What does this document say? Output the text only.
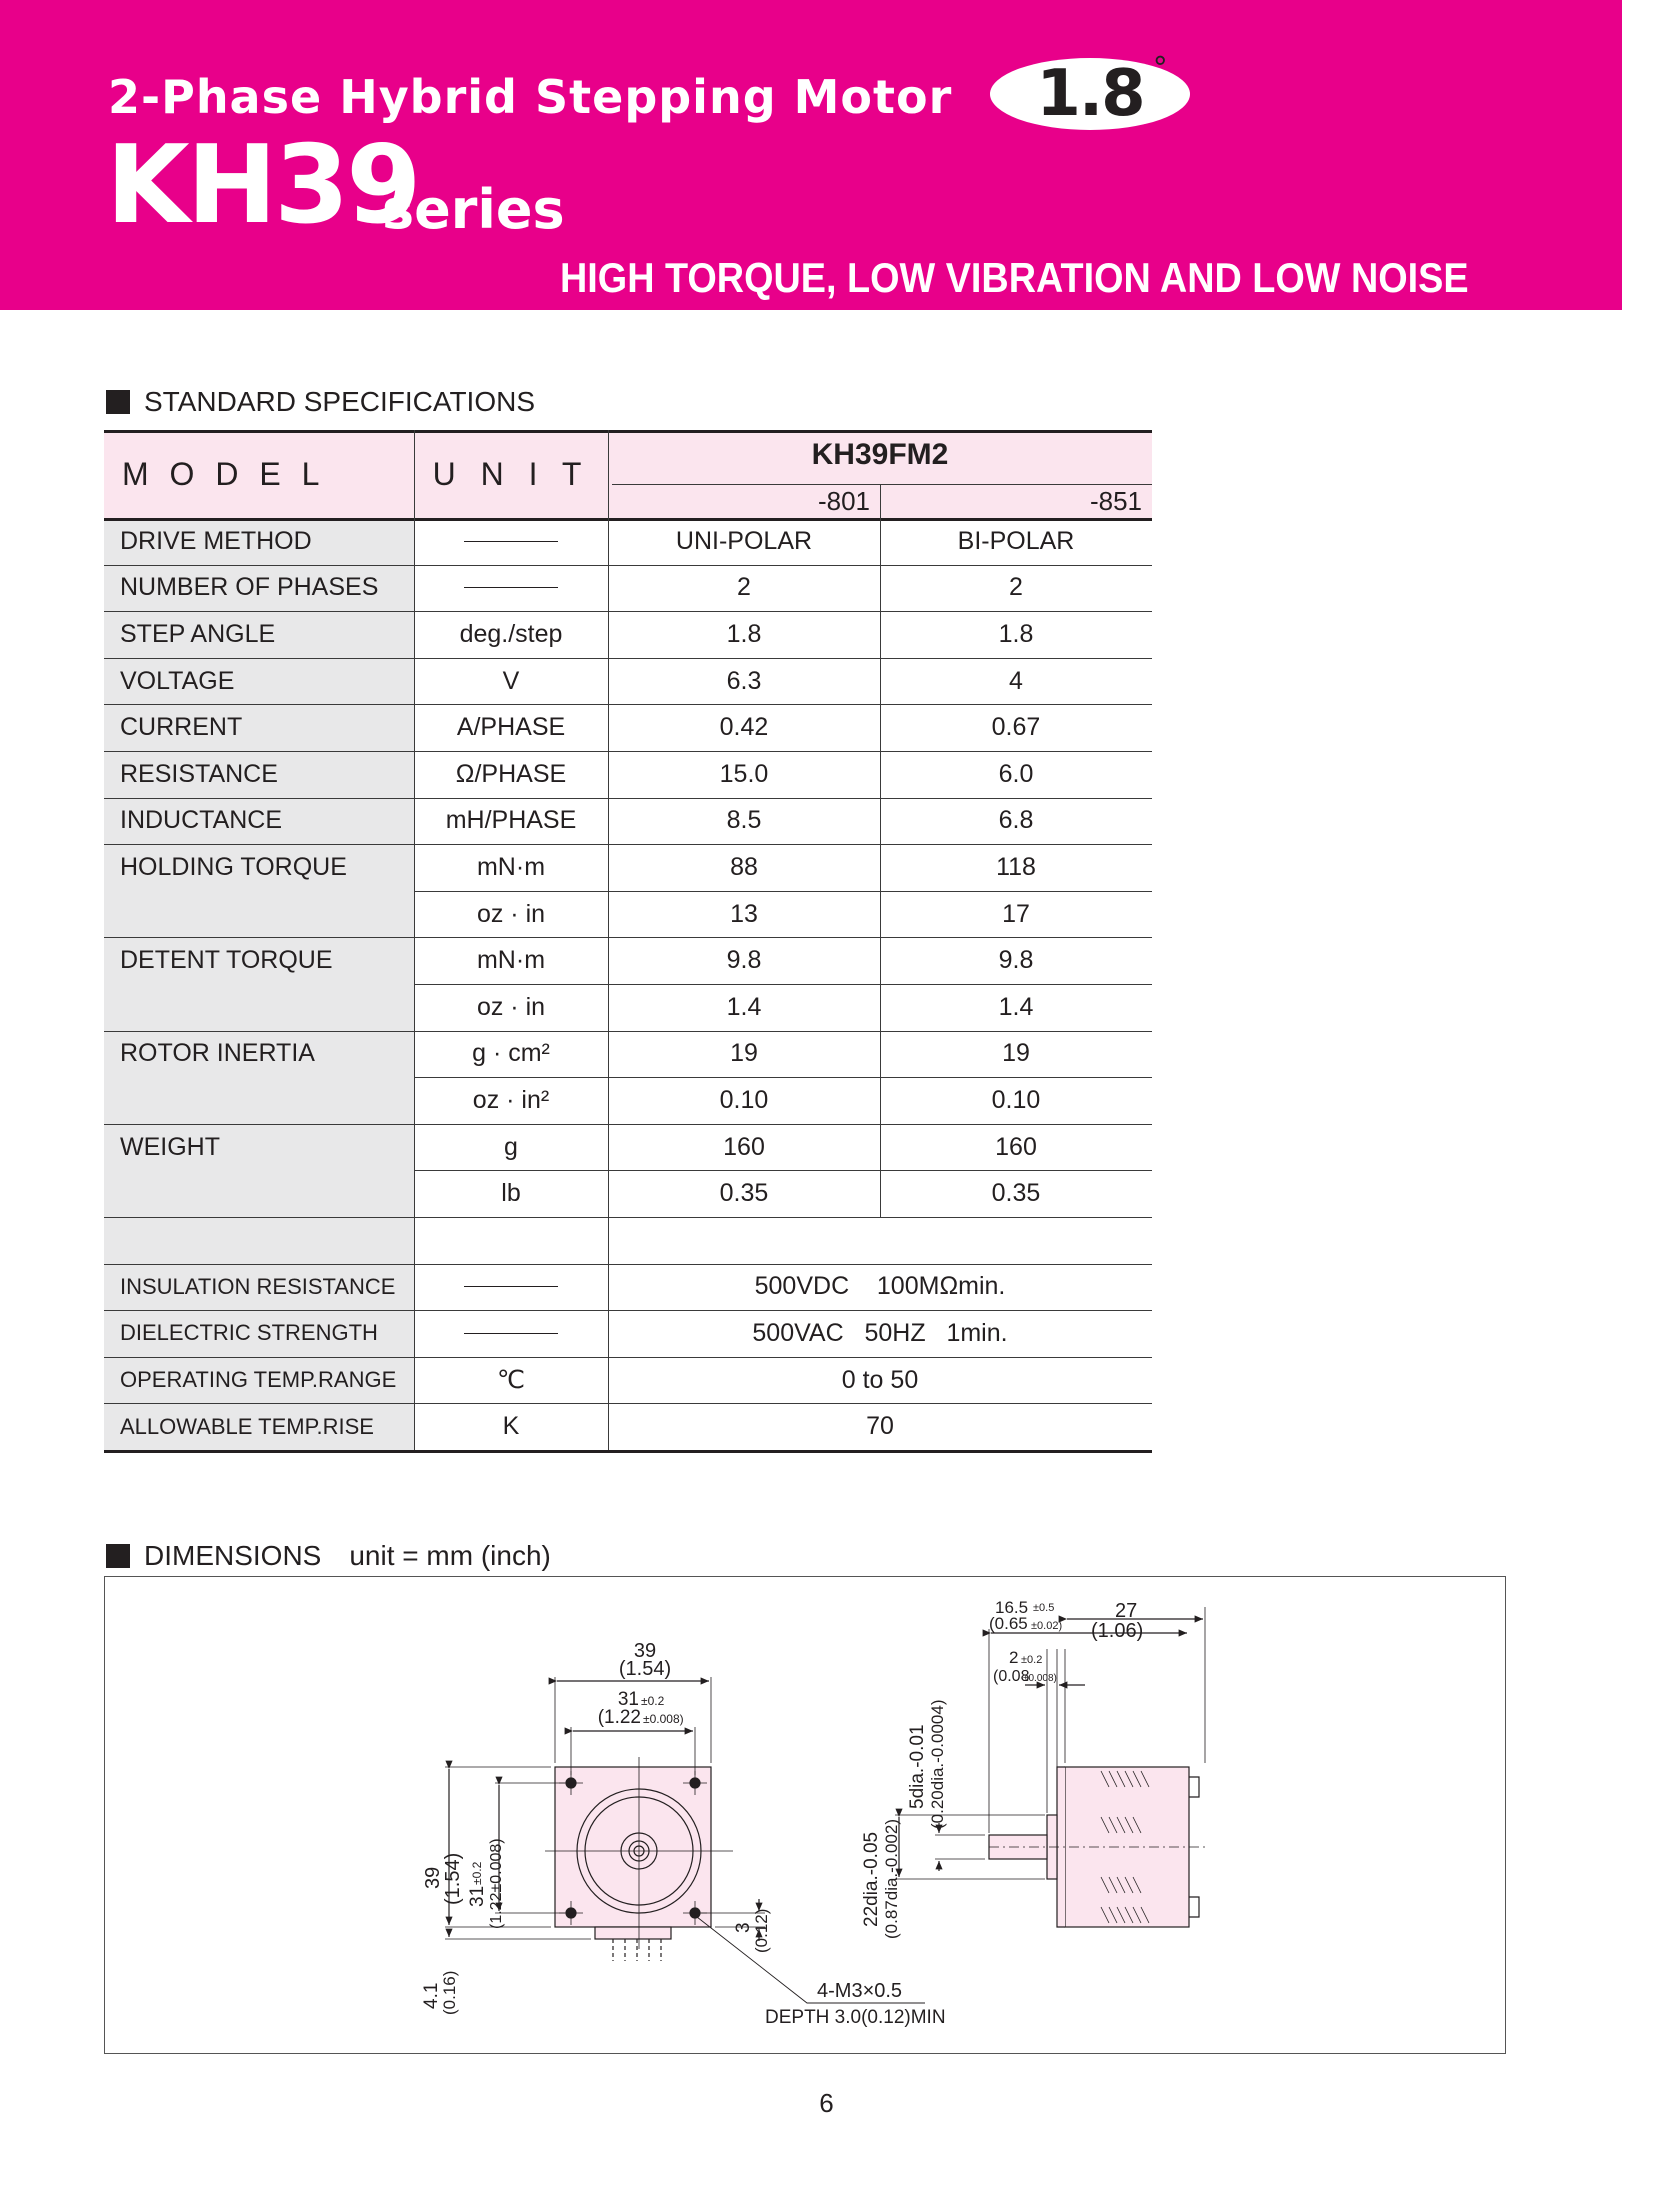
2-Phase Hybrid Stepping Motor 1.8 °
KH39
series
HIGH TORQUE, LOW VIBRATION AND LOW NOISE
STANDARD SPECIFICATIONS
M O D E L	U N I T
KH39FM2
-801	-851
DRIVE METHOD	UNI-POLAR	BI-POLAR
NUMBER OF PHASES	2	2
STEP ANGLE	deg./step	1.8	1.8
VOLTAGE	V	6.3	4
CURRENT	A/PHASE	0.42	0.67
RESISTANCE	Ω/PHASE	15.0	6.0
INDUCTANCE	mH/PHASE	8.5	6.8
HOLDING TORQUE	mN·m	88	118
oz · in	13	17
DETENT TORQUE	mN·m	9.8	9.8
oz · in	1.4	1.4
ROTOR INERTIA	g · cm²	19	19
oz · in²	0.10	0.10
WEIGHT	g	160	160
lb	0.35	0.35
INSULATION RESISTANCE	500VDC    100MΩmin.
DIELECTRIC STRENGTH	500VAC   50HZ   1min.
OPERATING TEMP.RANGE	℃	0 to 50
ALLOWABLE TEMP.RISE	K	70
DIMENSIONS unit = mm (inch)
39
(1.54)
31 ±0.2
(1.22 ±0.008)
39
(1.54) 31
±0.2 (1.22±0.008)
4.1
(0.16)
3
(0.12)
4-M3×0.5
DEPTH 3.0(0.12)MIN
16.5 ±0.5
(0.65 ±0.02)
27
(1.06)
2 ±0.2
(0.08
±0.008)
5dia.-0.01 (0.20dia.-0.0004)
22dia.-0.05 (0.87dia.-0.002)
6
